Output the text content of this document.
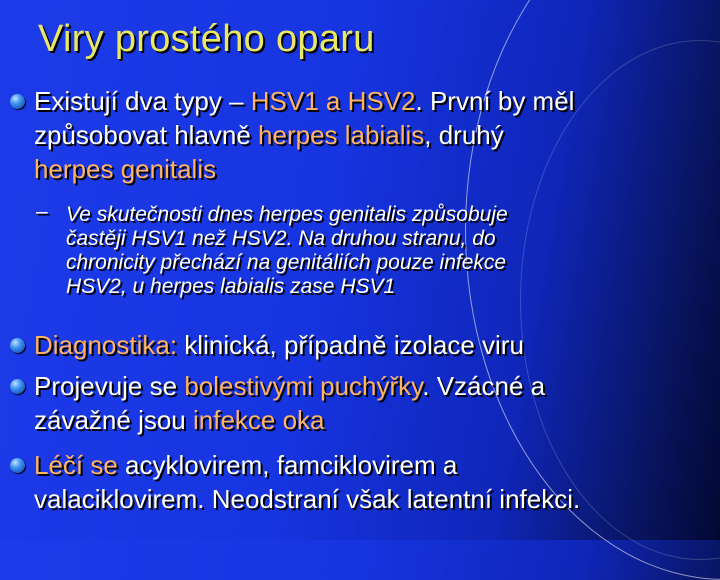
Viry prostého oparu
Existují dva typy – HSV1 a HSV2. První by měl
způsobovat hlavně herpes labialis, druhý
herpes genitalis
– Ve skutečnosti dnes herpes genitalis způsobuje
častěji HSV1 než HSV2. Na druhou stranu, do
chronicity přechází na genitáliích pouze infekce
HSV2, u herpes labialis zase HSV1
Diagnostika: klinická, případně izolace viru
Projevuje se bolestivými puchýřky. Vzácné a
závažné jsou infekce oka
Léčí se acyklovirem, famciklovirem a
valaciklovirem. Neodstraní však latentní infekci.
